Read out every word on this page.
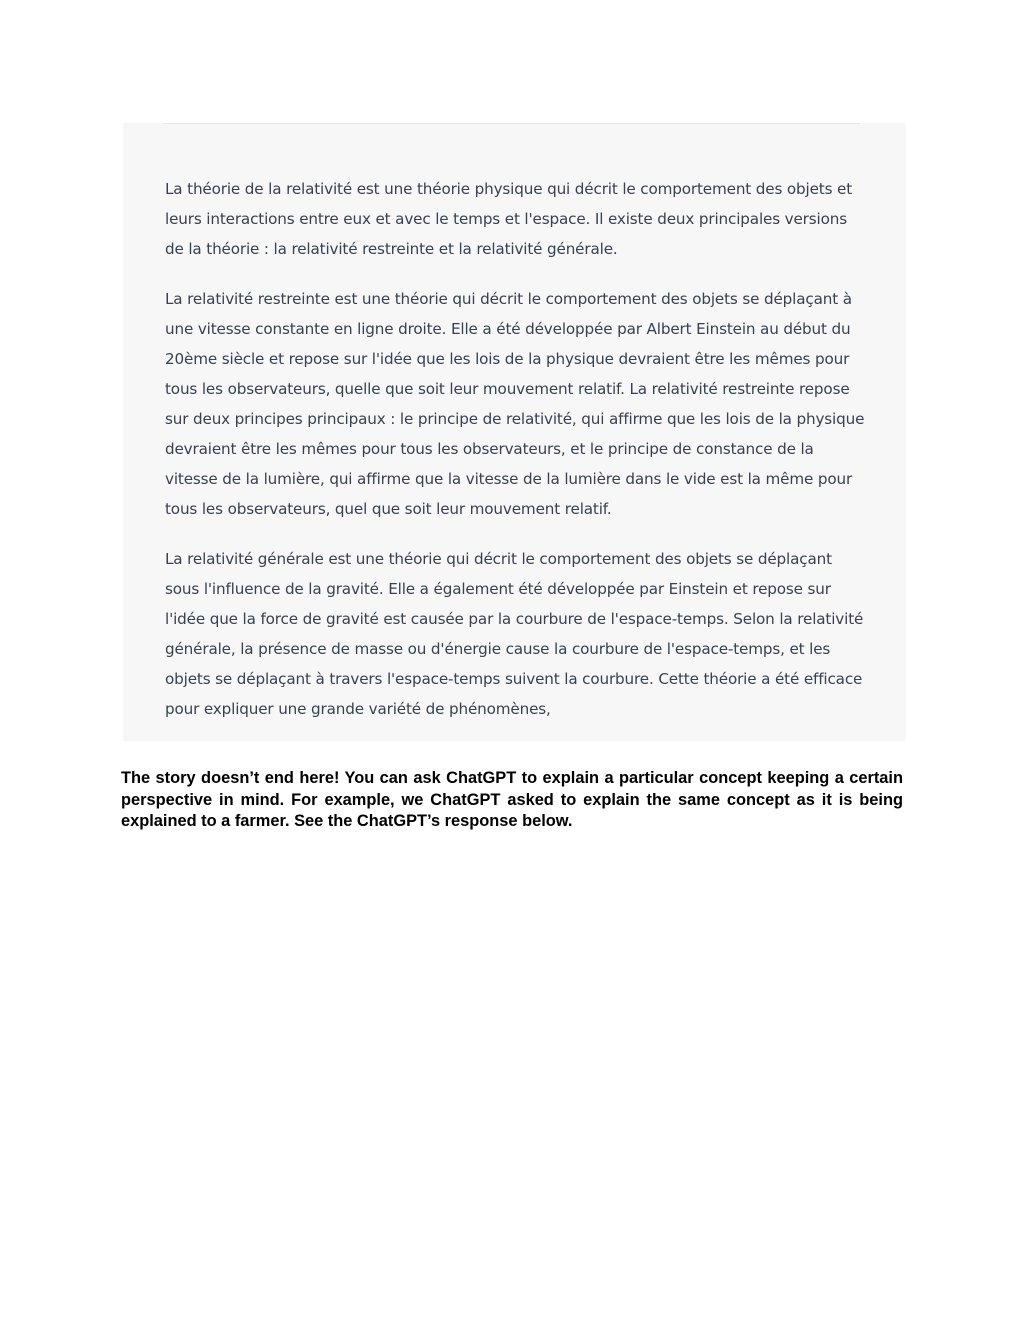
La théorie de la relativité est une théorie physique qui décrit le comportement des objets et leurs interactions entre eux et avec le temps et l'espace. Il existe deux principales versions de la théorie : la relativité restreinte et la relativité générale.

La relativité restreinte est une théorie qui décrit le comportement des objets se déplaçant à une vitesse constante en ligne droite. Elle a été développée par Albert Einstein au début du 20ème siècle et repose sur l'idée que les lois de la physique devraient être les mêmes pour tous les observateurs, quelle que soit leur mouvement relatif. La relativité restreinte repose sur deux principes principaux : le principe de relativité, qui affirme que les lois de la physique devraient être les mêmes pour tous les observateurs, et le principe de constance de la vitesse de la lumière, qui affirme que la vitesse de la lumière dans le vide est la même pour tous les observateurs, quel que soit leur mouvement relatif.

La relativité générale est une théorie qui décrit le comportement des objets se déplaçant sous l'influence de la gravité. Elle a également été développée par Einstein et repose sur l'idée que la force de gravité est causée par la courbure de l'espace-temps. Selon la relativité générale, la présence de masse ou d'énergie cause la courbure de l'espace-temps, et les objets se déplaçant à travers l'espace-temps suivent la courbure. Cette théorie a été efficace pour expliquer une grande variété de phénomènes,

The story doesn’t end here! You can ask ChatGPT to explain a particular concept keeping a certain perspective in mind. For example, we ChatGPT asked to explain the same concept as it is being explained to a farmer. See the ChatGPT’s response below.
